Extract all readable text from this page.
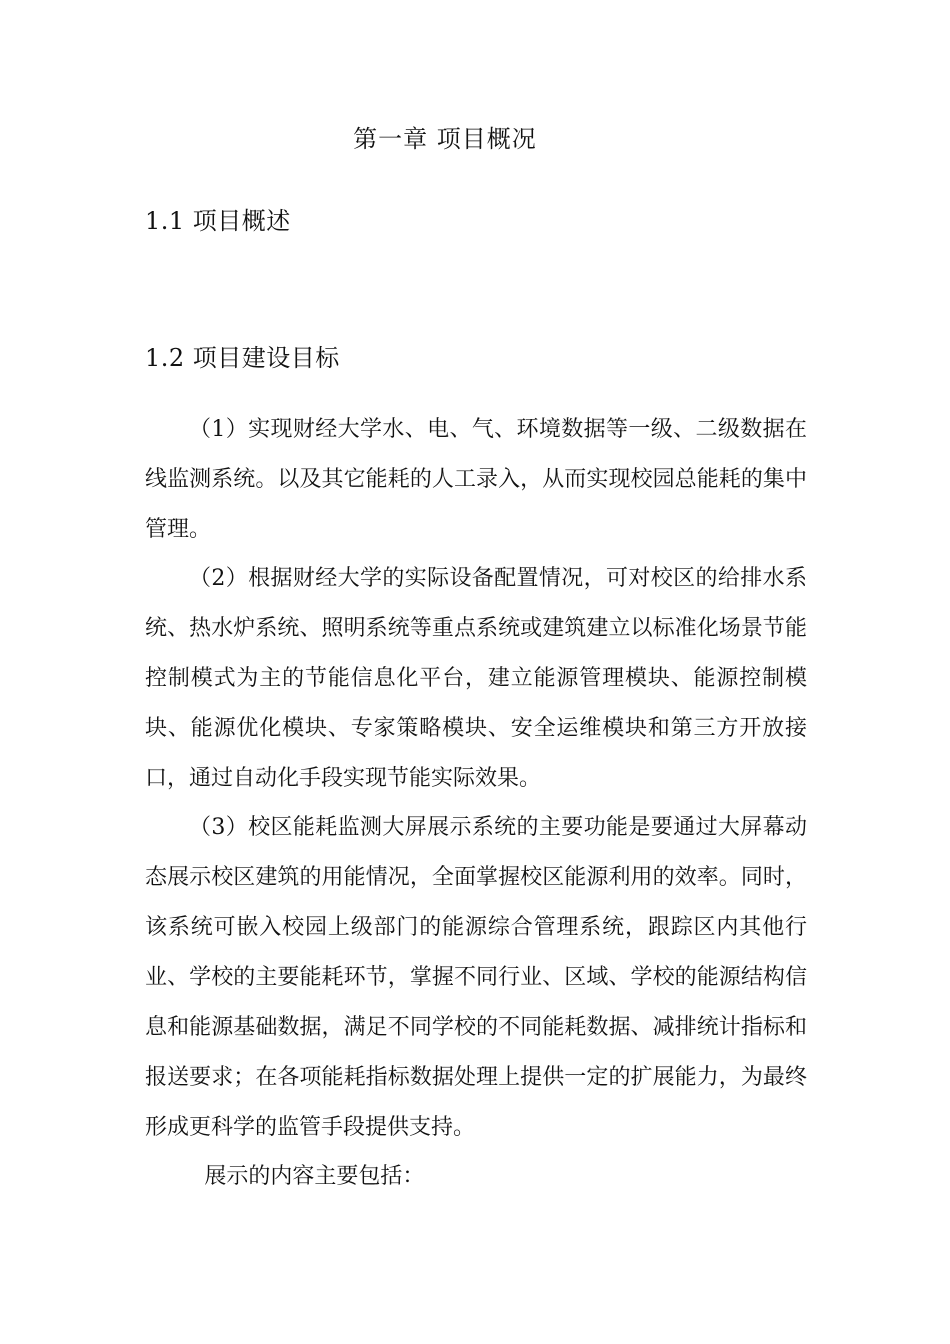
第一章 项目概况
1.1 项目概述
1.2 项目建设目标

（1）实现财经大学水、电、气、环境数据等一级、二级数据在线监测系统。以及其它能耗的人工录入，从而实现校园总能耗的集中管理。

（2）根据财经大学的实际设备配置情况，可对校区的给排水系统、热水炉系统、照明系统等重点系统或建筑建立以标准化场景节能控制模式为主的节能信息化平台，建立能源管理模块、能源控制模块、能源优化模块、专家策略模块、安全运维模块和第三方开放接口，通过自动化手段实现节能实际效果。

（3）校区能耗监测大屏展示系统的主要功能是要通过大屏幕动态展示校区建筑的用能情况，全面掌握校区能源利用的效率。同时，该系统可嵌入校园上级部门的能源综合管理系统，跟踪区内其他行业、学校的主要能耗环节，掌握不同行业、区域、学校的能源结构信息和能源基础数据，满足不同学校的不同能耗数据、减排统计指标和报送要求；在各项能耗指标数据处理上提供一定的扩展能力，为最终形成更科学的监管手段提供支持。

展示的内容主要包括：
